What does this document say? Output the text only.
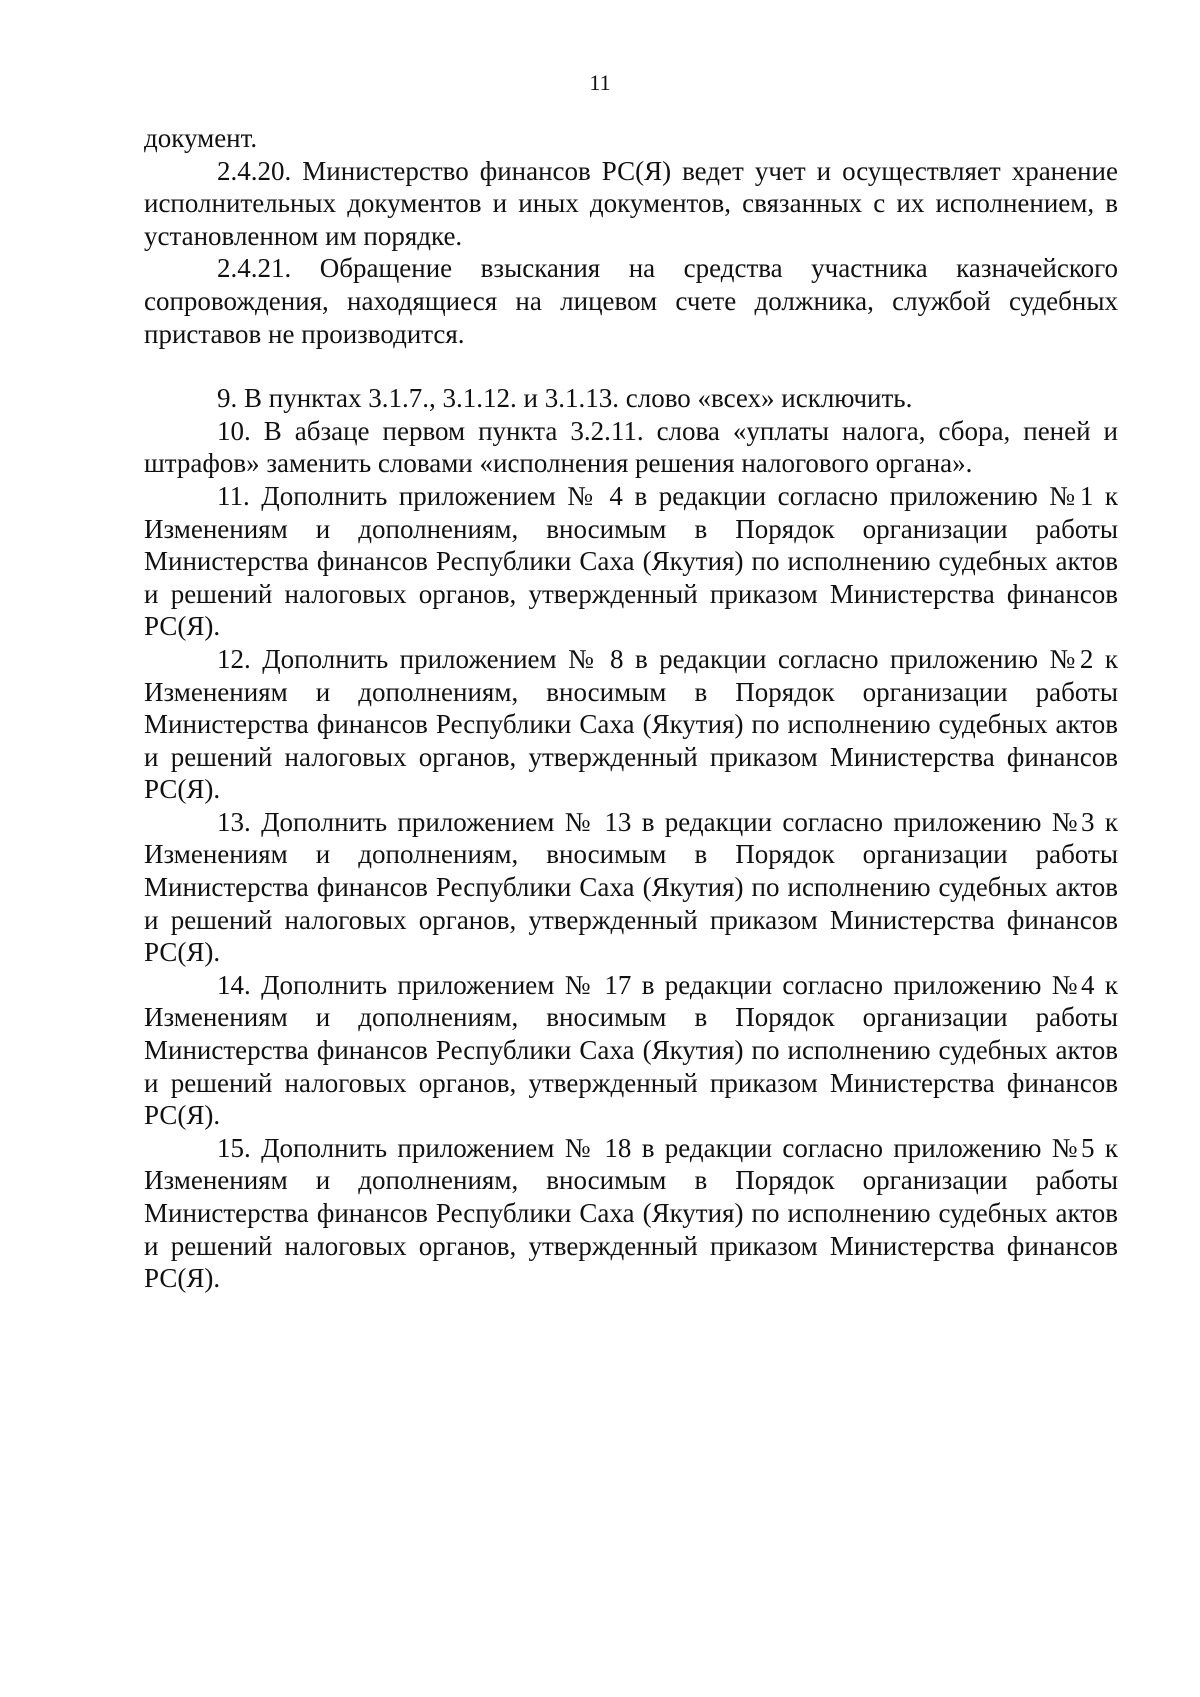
11

документ.

2.4.20. Министерство финансов РС(Я) ведет учет и осуществляет хранение исполнительных документов и иных документов, связанных с их исполнением, в установленном им порядке.

2.4.21. Обращение взыскания на средства участника казначейского сопровождения, находящиеся на лицевом счете должника, службой судебных приставов не производится.

9. В пунктах 3.1.7., 3.1.12. и 3.1.13. слово «всех» исключить.

10. В абзаце первом пункта 3.2.11. слова «уплаты налога, сбора, пеней и штрафов» заменить словами «исполнения решения налогового органа».

11. Дополнить приложением № 4 в редакции согласно приложению №1 к Изменениям и дополнениям, вносимым в Порядок организации работы Министерства финансов Республики Саха (Якутия) по исполнению судебных актов и решений налоговых органов, утвержденный приказом Министерства финансов РС(Я).

12. Дополнить приложением № 8 в редакции согласно приложению №2 к Изменениям и дополнениям, вносимым в Порядок организации работы Министерства финансов Республики Саха (Якутия) по исполнению судебных актов и решений налоговых органов, утвержденный приказом Министерства финансов РС(Я).

13. Дополнить приложением № 13 в редакции согласно приложению №3 к Изменениям и дополнениям, вносимым в Порядок организации работы Министерства финансов Республики Саха (Якутия) по исполнению судебных актов и решений налоговых органов, утвержденный приказом Министерства финансов РС(Я).

14. Дополнить приложением № 17 в редакции согласно приложению №4 к Изменениям и дополнениям, вносимым в Порядок организации работы Министерства финансов Республики Саха (Якутия) по исполнению судебных актов и решений налоговых органов, утвержденный приказом Министерства финансов РС(Я).

15. Дополнить приложением № 18 в редакции согласно приложению №5 к Изменениям и дополнениям, вносимым в Порядок организации работы Министерства финансов Республики Саха (Якутия) по исполнению судебных актов и решений налоговых органов, утвержденный приказом Министерства финансов РС(Я).
